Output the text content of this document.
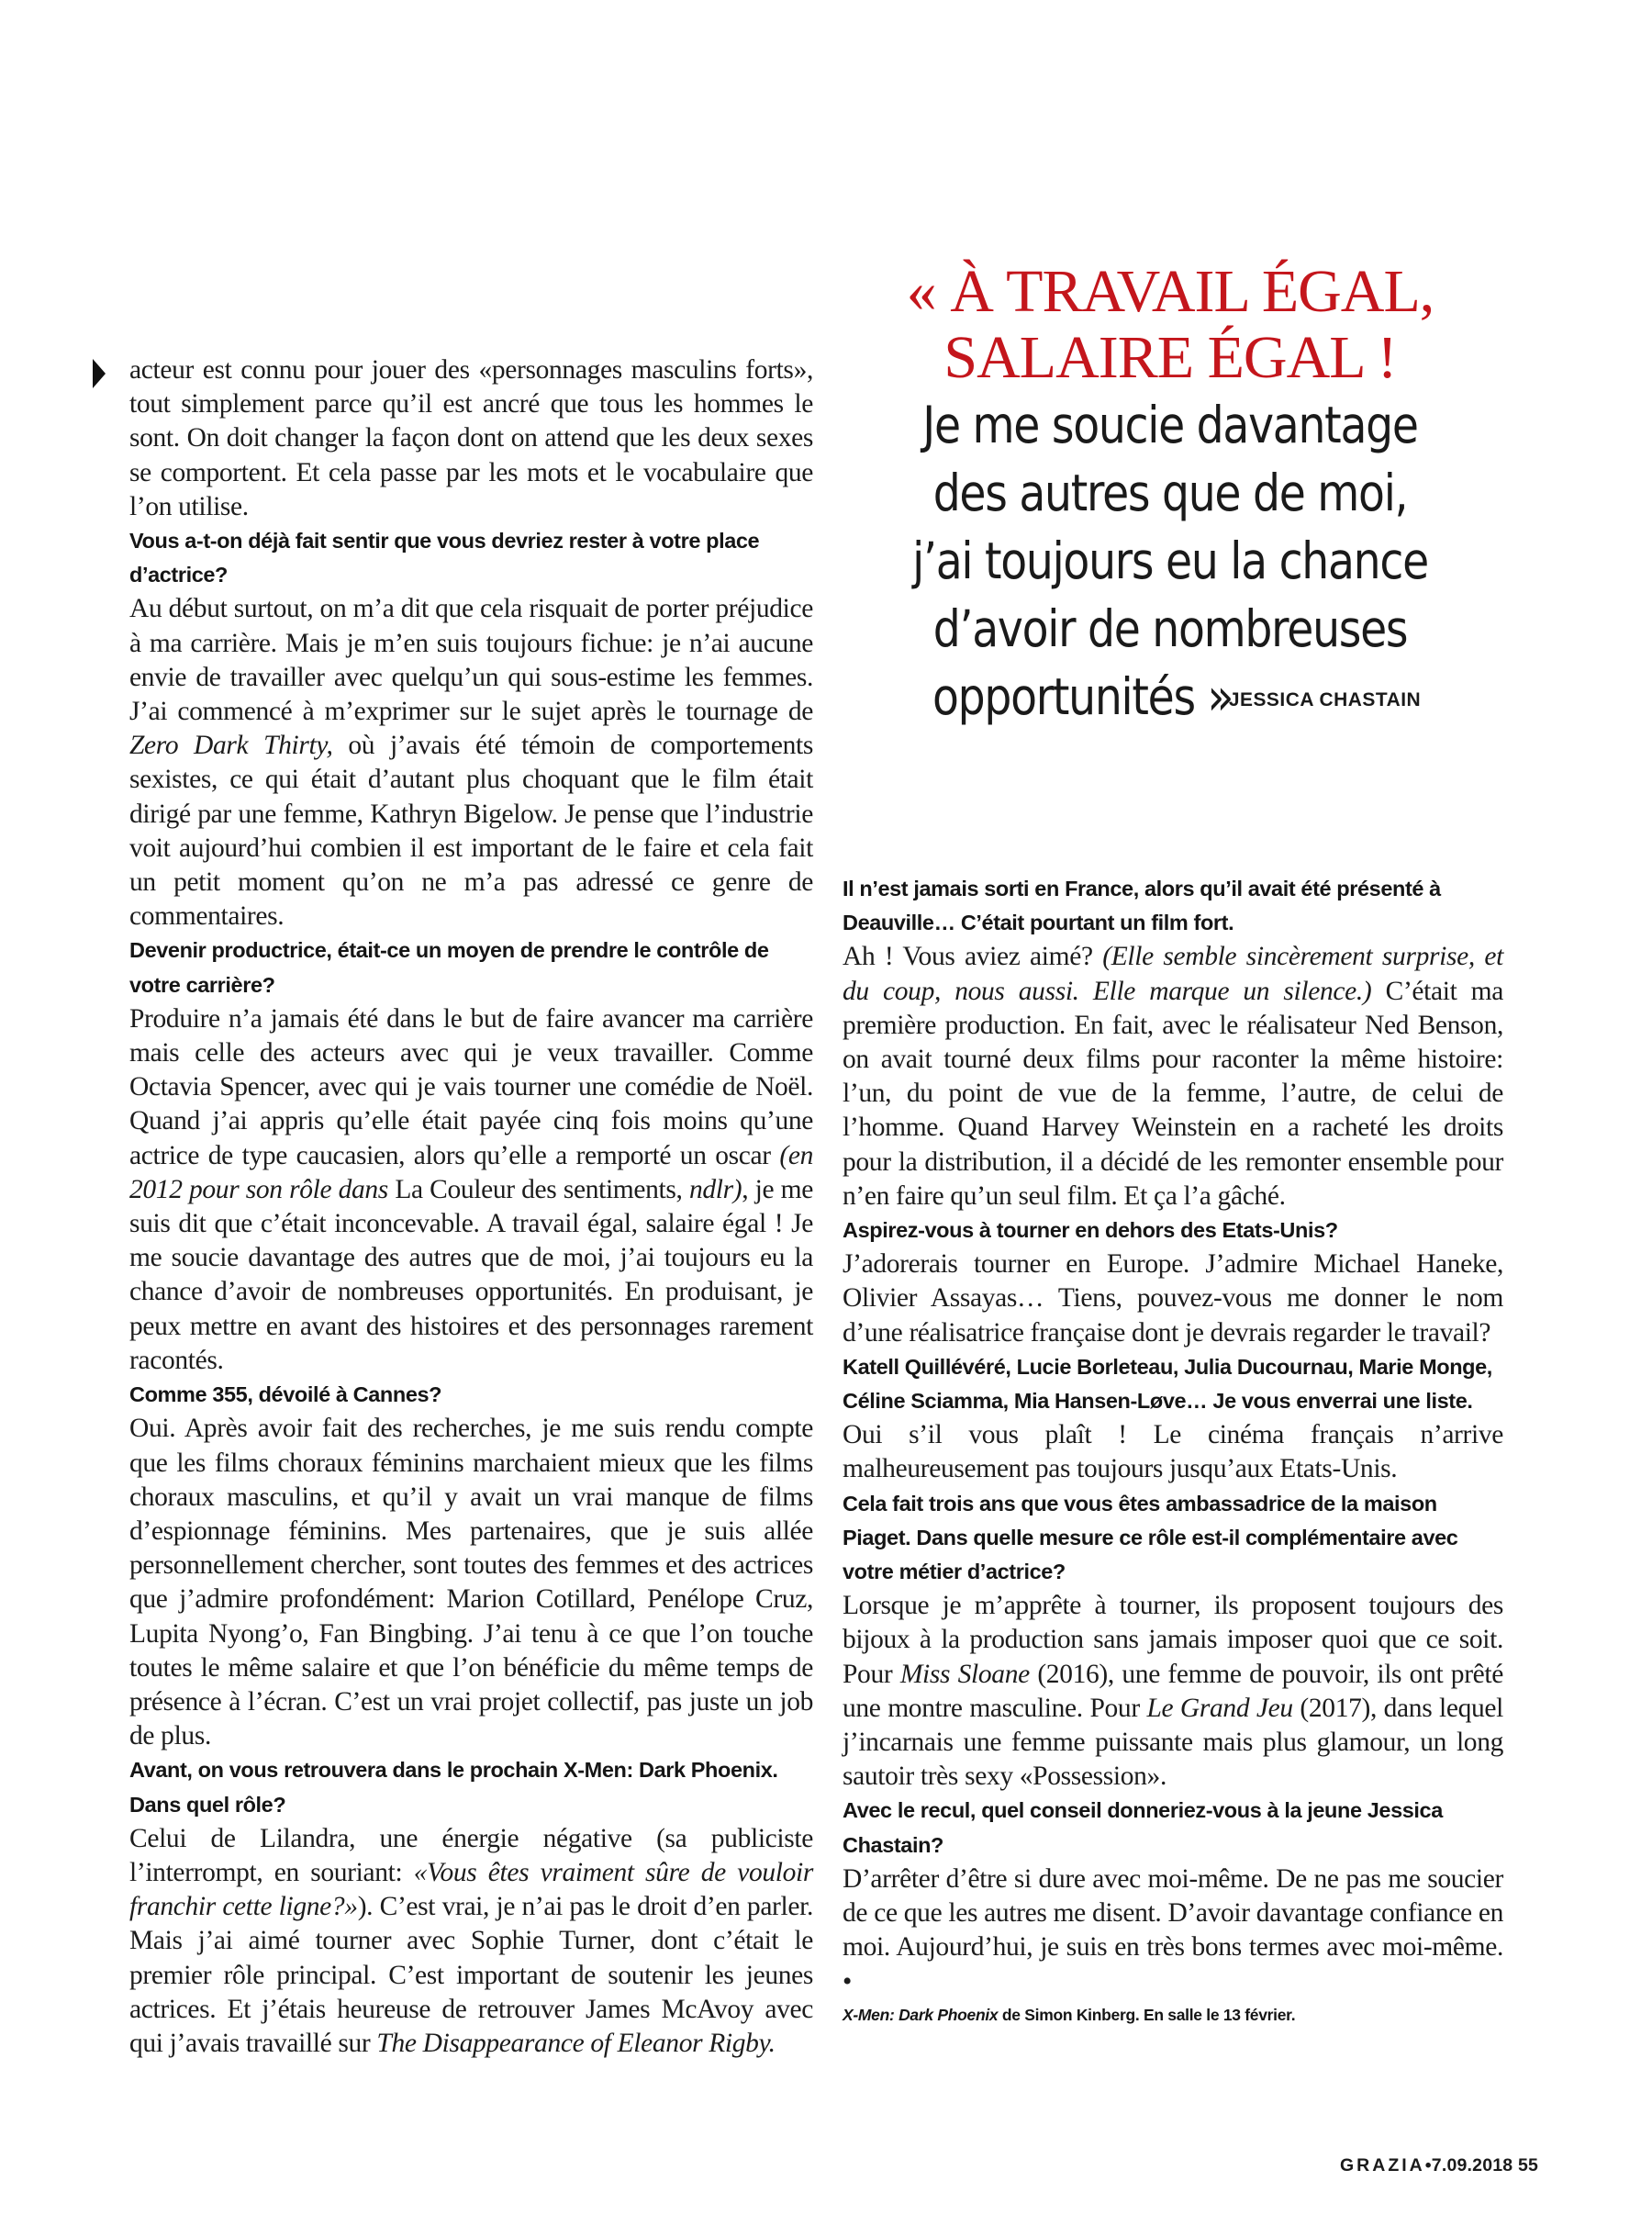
« À TRAVAIL ÉGAL,
SALAIRE ÉGAL !
Je me soucie davantage
des autres que de moi,
j’ai toujours eu la chance
d’avoir de nombreuses
opportunités »JESSICA CHASTAIN

acteur est connu pour jouer des «personnages masculins forts», tout simplement parce qu’il est ancré que tous les hommes le sont. On doit changer la façon dont on attend que les deux sexes se comportent. Et cela passe par les mots et le vocabulaire que l’on utilise.

Vous a-t-on déjà fait sentir que vous devriez rester à votre place d’actrice?

Au début surtout, on m’a dit que cela risquait de porter préjudice à ma carrière. Mais je m’en suis toujours fichue: je n’ai aucune envie de travailler avec quelqu’un qui sous-estime les femmes. J’ai commencé à m’exprimer sur le sujet après le tournage de Zero Dark Thirty, où j’avais été témoin de comportements sexistes, ce qui était d’autant plus choquant que le film était dirigé par une femme, Kathryn Bigelow. Je pense que l’industrie voit aujourd’hui combien il est important de le faire et cela fait un petit moment qu’on ne m’a pas adressé ce genre de commentaires.

Devenir productrice, était-ce un moyen de prendre le contrôle de votre carrière?

Produire n’a jamais été dans le but de faire avancer ma carrière mais celle des acteurs avec qui je veux travailler. Comme Octavia Spencer, avec qui je vais tourner une comédie de Noël. Quand j’ai appris qu’elle était payée cinq fois moins qu’une actrice de type caucasien, alors qu’elle a remporté un oscar (en 2012 pour son rôle dans La Couleur des sentiments, ndlr), je me suis dit que c’était inconcevable. A travail égal, salaire égal ! Je me soucie davantage des autres que de moi, j’ai toujours eu la chance d’avoir de nombreuses opportunités. En produisant, je peux mettre en avant des histoires et des personnages rarement racontés.

Comme 355, dévoilé à Cannes?

Oui. Après avoir fait des recherches, je me suis rendu compte que les films choraux féminins marchaient mieux que les films choraux masculins, et qu’il y avait un vrai manque de films d’espionnage féminins. Mes partenaires, que je suis allée personnellement chercher, sont toutes des femmes et des actrices que j’admire profondément: Marion Cotillard, Penélope Cruz, Lupita Nyong’o, Fan Bingbing. J’ai tenu à ce que l’on touche toutes le même salaire et que l’on bénéficie du même temps de présence à l’écran. C’est un vrai projet collectif, pas juste un job de plus.

Avant, on vous retrouvera dans le prochain X-Men: Dark Phoenix. Dans quel rôle?

Celui de Lilandra, une énergie négative (sa publiciste l’interrompt, en souriant: «Vous êtes vraiment sûre de vouloir franchir cette ligne?»). C’est vrai, je n’ai pas le droit d’en parler. Mais j’ai aimé tourner avec Sophie Turner, dont c’était le premier rôle principal. C’est important de soutenir les jeunes actrices. Et j’étais heureuse de retrouver James McAvoy avec qui j’avais travaillé sur The Disappearance of Eleanor Rigby.

Il n’est jamais sorti en France, alors qu’il avait été présenté à Deauville… C’était pourtant un film fort.

Ah ! Vous aviez aimé? (Elle semble sincèrement surprise, et du coup, nous aussi. Elle marque un silence.) C’était ma première production. En fait, avec le réalisateur Ned Benson, on avait tourné deux films pour raconter la même histoire: l’un, du point de vue de la femme, l’autre, de celui de l’homme. Quand Harvey Weinstein en a racheté les droits pour la distribution, il a décidé de les remonter ensemble pour n’en faire qu’un seul film. Et ça l’a gâché.

Aspirez-vous à tourner en dehors des Etats-Unis?

J’adorerais tourner en Europe. J’admire Michael Haneke, Olivier Assayas… Tiens, pouvez-vous me donner le nom d’une réalisatrice française dont je devrais regarder le travail?

Katell Quillévéré, Lucie Borleteau, Julia Ducournau, Marie Monge, Céline Sciamma, Mia Hansen-Løve… Je vous enverrai une liste.

Oui s’il vous plaît ! Le cinéma français n’arrive malheureusement pas toujours jusqu’aux Etats-Unis.

Cela fait trois ans que vous êtes ambassadrice de la maison Piaget. Dans quelle mesure ce rôle est-il complémentaire avec votre métier d’actrice?

Lorsque je m’apprête à tourner, ils proposent toujours des bijoux à la production sans jamais imposer quoi que ce soit. Pour Miss Sloane (2016), une femme de pouvoir, ils ont prêté une montre masculine. Pour Le Grand Jeu (2017), dans lequel j’incarnais une femme puissante mais plus glamour, un long sautoir très sexy «Possession».

Avec le recul, quel conseil donneriez-vous à la jeune Jessica Chastain?

D’arrêter d’être si dure avec moi-même. De ne pas me soucier de ce que les autres me disent. D’avoir davantage confiance en moi. Aujourd’hui, je suis en très bons termes avec moi-même. •

X-Men: Dark Phoenix de Simon Kinberg. En salle le 13 février.

GRAZIA•7.09.2018 55
